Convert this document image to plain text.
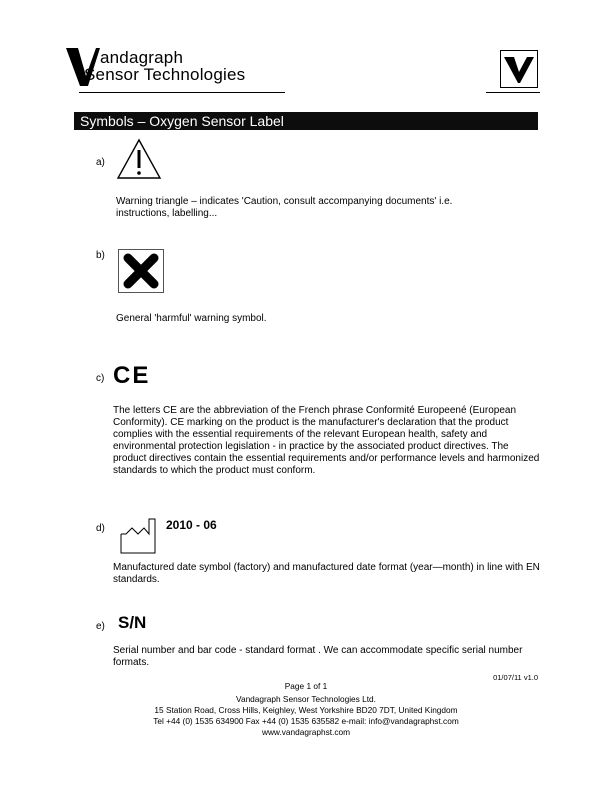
andagraph
Sensor Technologies
S
Symbols – Oxygen Sensor Label
a)
Warning triangle – indicates 'Caution, consult accompanying documents' i.e. instructions, labelling...
b)
General 'harmful' warning symbol.
c) CE
The letters CE are the abbreviation of the French phrase Conformité Europeené (European Conformity). CE marking on the product is the manufacturer's declaration that the product complies with the essential requirements of the relevant European health, safety and environmental protection legislation - in practice by the associated product directives. The product directives contain the essential requirements and/or performance levels and harmonized standards to which the product must conform.
d)	2010 - 06
Manufactured date symbol (factory) and manufactured date format (year—month) in line with EN standards.
e) S/N
Serial number and bar code - standard format . We can accommodate specific serial number formats.
01/07/11 v1.0
Page 1 of 1
Vandagraph Sensor Technologies Ltd.
15 Station Road, Cross Hills, Keighley, West Yorkshire BD20 7DT, United Kingdom
Tel +44 (0) 1535 634900 Fax +44 (0) 1535 635582 e-mail: info@vandagraphst.com
www.vandagraphst.com
